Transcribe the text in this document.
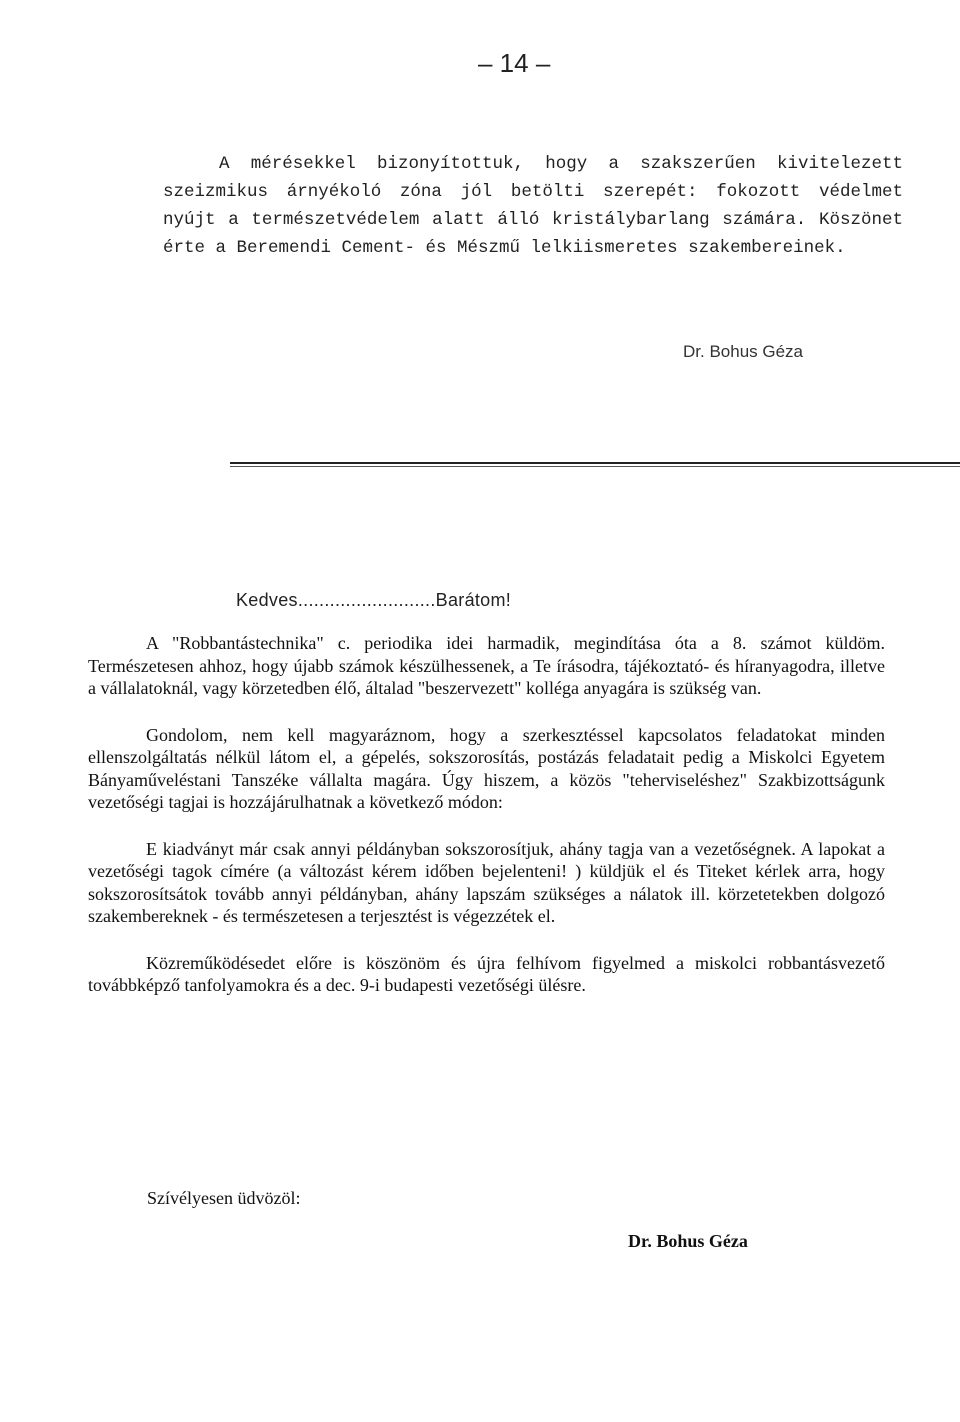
– 14 –

A mérésekkel bizonyítottuk, hogy a szakszerűen kivitelezett szeizmikus árnyékoló zóna jól betölti szerepét: fokozott védelmet nyújt a természetvédelem alatt álló kristálybarlang számára. Köszönet érte a Beremendi Cement- és Mészmű lelkiismeretes szakembereinek.

Dr. Bohus Géza
Kedves..........................Barátom!

A "Robbantástechnika" c. periodika idei harmadik, megindítása óta a 8. számot küldöm. Természetesen ahhoz, hogy újabb számok készülhessenek, a Te írásodra, tájékoztató- és híranyagodra, illetve a vállalatoknál, vagy körzetedben élő, általad "beszervezett" kolléga anyagára is szükség van.

Gondolom, nem kell magyaráznom, hogy a szerkesztéssel kapcsolatos feladatokat minden ellenszolgáltatás nélkül látom el, a gépelés, sokszorosítás, postázás feladatait pedig a Miskolci Egyetem Bányaműveléstani Tanszéke vállalta magára. Úgy hiszem, a közös "teherviseléshez" Szakbizottságunk vezetőségi tagjai is hozzájárulhatnak a következő módon:

E kiadványt már csak annyi példányban sokszorosítjuk, ahány tagja van a vezetőségnek. A lapokat a vezetőségi tagok címére (a változást kérem időben bejelenteni! ) küldjük el és Titeket kérlek arra, hogy sokszorosítsátok tovább annyi példányban, ahány lapszám szükséges a nálatok ill. körzetetekben dolgozó szakembereknek - és természetesen a terjesztést is végezzétek el.

Közreműködésedet előre is köszönöm és újra felhívom figyelmed a miskolci robbantásvezető továbbképző tanfolyamokra és a dec. 9-i budapesti vezetőségi ülésre.

Szívélyesen üdvözöl:
Dr. Bohus Géza
